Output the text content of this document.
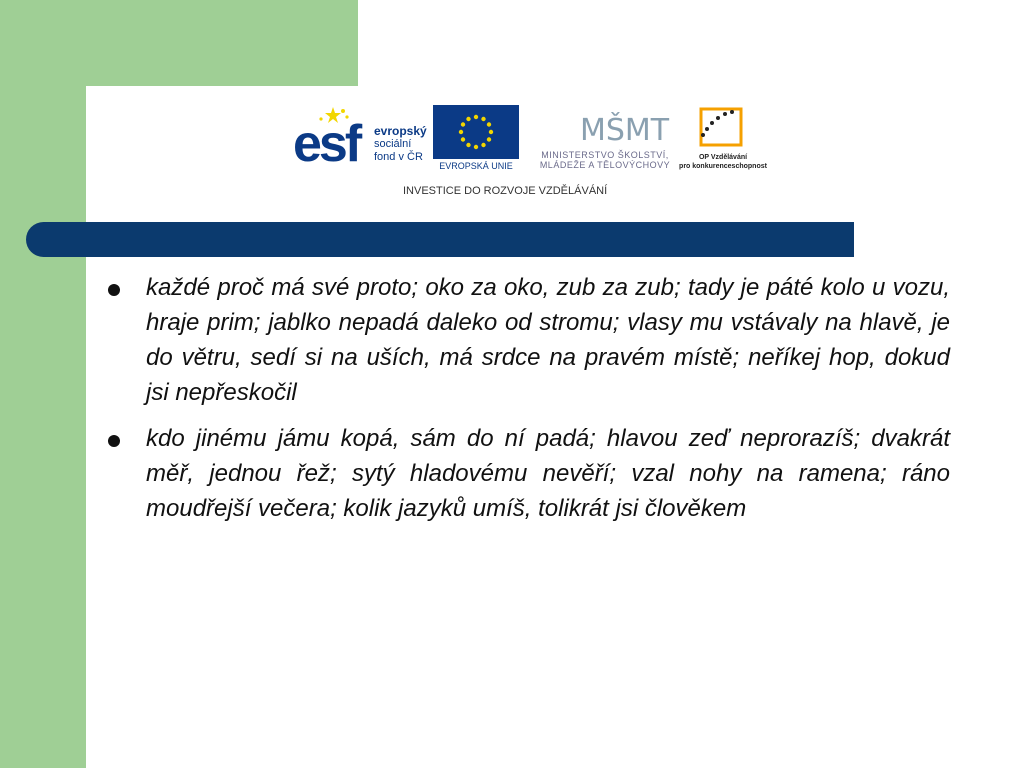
esf evropský
sociální
fond v ČR
EVROPSKÁ UNIE
MŠMT
MINISTERSTVO ŠKOLSTVÍ,
MLÁDEŽE A TĚLOVÝCHOVY
OP Vzdělávání
pro konkurenceschopnost
INVESTICE DO ROZVOJE VZDĚLÁVÁNÍ
každé proč má své proto; oko za oko, zub za zub; tady je páté kolo u vozu, hraje prim; jablko nepadá daleko od stromu; vlasy mu vstávaly na hlavě, je do větru, sedí si na uších, má srdce na pravém místě; neříkej hop, dokud jsi nepřeskočil
kdo jinému jámu kopá, sám do ní padá; hlavou zeď neprorazíš; dvakrát měř, jednou řež; sytý hladovému nevěří; vzal nohy na ramena; ráno moudřejší večera; kolik jazyků umíš, tolikrát jsi člověkem
